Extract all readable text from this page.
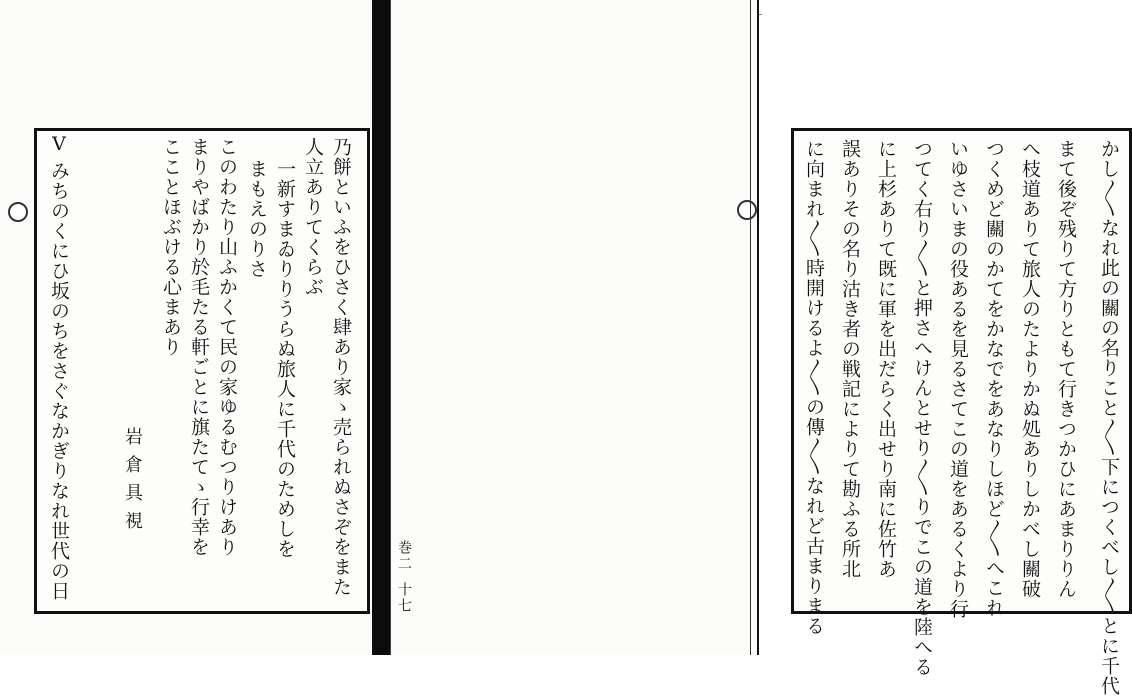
乃餅といふをひさく肆あり家ゝ売られぬさぞをまた
人立ありてくらぶ
一新すまゐりりうらぬ旅人に千代のためしを
まもえのりさ
このわたり山ふかくて民の家ゆるむつりけあり
まりやばかり於毛たる軒ごとに旗たてゝ行幸を
こことほぶける心まあり
岩倉具視
V
みちのくにひ坂のちをさぐなかぎりなれ世代の日	かし〳〵なれ此の關の名りこと〳〵下につくべし〳〵とに千代
に向まれ〳〵時開けるよ〳〵の傳〳〵なれど古まりまる 誤ありその名り沽き者の戦記によりて勘ふる所北 に上杉ありて既に軍を出だらく出せり南に佐竹あ つてく右り〳〵と押さへけんとせり〳〵りでこの道を陸へる いゆさいまの役あるを見るさてこの道をあるくより行 つくめど關のかてをかなでをあなりしほど〳〵へこれ へ枝道ありて旅人のたよりかぬ処ありしかべし關破 まて後ぞ残りて方りともて行きつかひにあまりりん
巻二
十七
